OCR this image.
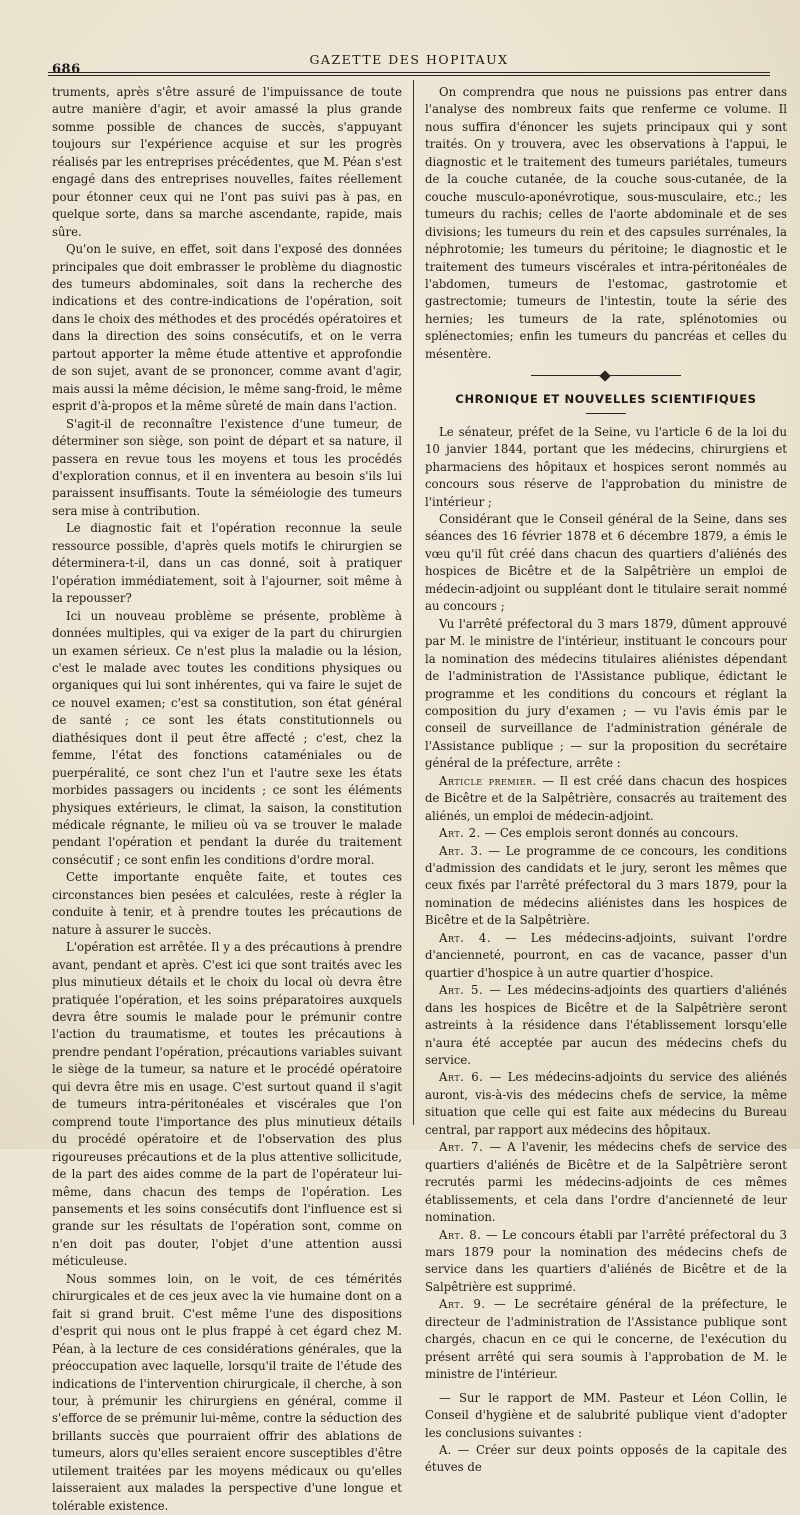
686
GAZETTE DES HOPITAUX

truments, après s'être assuré de l'impuissance de toute autre manière d'agir, et avoir amassé la plus grande somme possible de chances de succès, s'appuyant toujours sur l'expérience acquise et sur les progrès réalisés par les entreprises précédentes, que M. Péan s'est engagé dans des entreprises nouvelles, faites réellement pour étonner ceux qui ne l'ont pas suivi pas à pas, en quelque sorte, dans sa marche ascendante, rapide, mais sûre.

Qu'on le suive, en effet, soit dans l'exposé des données principales que doit embrasser le problème du diagnostic des tumeurs abdominales, soit dans la recherche des indications et des contre-indications de l'opération, soit dans le choix des méthodes et des procédés opératoires et dans la direction des soins consécutifs, et on le verra partout apporter la même étude attentive et approfondie de son sujet, avant de se prononcer, comme avant d'agir, mais aussi la même décision, le même sang-froid, le même esprit d'à-propos et la même sûreté de main dans l'action.

S'agit-il de reconnaître l'existence d'une tumeur, de déterminer son siège, son point de départ et sa nature, il passera en revue tous les moyens et tous les procédés d'exploration connus, et il en inventera au besoin s'ils lui paraissent insuffisants. Toute la séméiologie des tumeurs sera mise à contribution.

Le diagnostic fait et l'opération reconnue la seule ressource possible, d'après quels motifs le chirurgien se déterminera-t-il, dans un cas donné, soit à pratiquer l'opération immédiatement, soit à l'ajourner, soit même à la repousser?

Ici un nouveau problème se présente, problème à données multiples, qui va exiger de la part du chirurgien un examen sérieux. Ce n'est plus la maladie ou la lésion, c'est le malade avec toutes les conditions physiques ou organiques qui lui sont inhérentes, qui va faire le sujet de ce nouvel examen; c'est sa constitution, son état général de santé ; ce sont les états constitutionnels ou diathésiques dont il peut être affecté ; c'est, chez la femme, l'état des fonctions cataméniales ou de puerpéralité, ce sont chez l'un et l'autre sexe les états morbides passagers ou incidents ; ce sont les éléments physiques extérieurs, le climat, la saison, la constitution médicale régnante, le milieu où va se trouver le malade pendant l'opération et pendant la durée du traitement consécutif ; ce sont enfin les conditions d'ordre moral.

Cette importante enquête faite, et toutes ces circonstances bien pesées et calculées, reste à régler la conduite à tenir, et à prendre toutes les précautions de nature à assurer le succès.

L'opération est arrêtée. Il y a des précautions à prendre avant, pendant et après. C'est ici que sont traités avec les plus minutieux détails et le choix du local où devra être pratiquée l'opération, et les soins préparatoires auxquels devra être soumis le malade pour le prémunir contre l'action du traumatisme, et toutes les précautions à prendre pendant l'opération, précautions variables suivant le siège de la tumeur, sa nature et le procédé opératoire qui devra être mis en usage. C'est surtout quand il s'agit de tumeurs intra-péritonéales et viscérales que l'on comprend toute l'importance des plus minutieux détails du procédé opératoire et de l'observation des plus rigoureuses précautions et de la plus attentive sollicitude, de la part des aides comme de la part de l'opérateur lui-même, dans chacun des temps de l'opération. Les pansements et les soins consécutifs dont l'influence est si grande sur les résultats de l'opération sont, comme on n'en doit pas douter, l'objet d'une attention aussi méticuleuse.

Nous sommes loin, on le voit, de ces témérités chirurgicales et de ces jeux avec la vie humaine dont on a fait si grand bruit. C'est même l'une des dispositions d'esprit qui nous ont le plus frappé à cet égard chez M. Péan, à la lecture de ces considérations générales, que la préoccupation avec laquelle, lorsqu'il traite de l'étude des indications de l'intervention chirurgicale, il cherche, à son tour, à prémunir les chirurgiens en général, comme il s'efforce de se prémunir lui-même, contre la séduction des brillants succès que pourraient offrir des ablations de tumeurs, alors qu'elles seraient encore susceptibles d'être utilement traitées par les moyens médicaux ou qu'elles laisseraient aux malades la perspective d'une longue et tolérable existence.

On comprendra que nous ne puissions pas entrer dans l'analyse des nombreux faits que renferme ce volume. Il nous suffira d'énoncer les sujets principaux qui y sont traités. On y trouvera, avec les observations à l'appui, le diagnostic et le traitement des tumeurs pariétales, tumeurs de la couche cutanée, de la couche sous-cutanée, de la couche musculo-aponévrotique, sous-musculaire, etc.; les tumeurs du rachis; celles de l'aorte abdominale et de ses divisions; les tumeurs du rein et des capsules surrénales, la néphrotomie; les tumeurs du péritoine; le diagnostic et le traitement des tumeurs viscérales et intra-péritonéales de l'abdomen, tumeurs de l'estomac, gastrotomie et gastrectomie; tumeurs de l'intestin, toute la série des hernies; les tumeurs de la rate, splénotomies ou splénectomies; enfin les tumeurs du pancréas et celles du mésentère.

CHRONIQUE ET NOUVELLES SCIENTIFIQUES

Le sénateur, préfet de la Seine, vu l'article 6 de la loi du 10 janvier 1844, portant que les médecins, chirurgiens et pharmaciens des hôpitaux et hospices seront nommés au concours sous réserve de l'approbation du ministre de l'intérieur ;

Considérant que le Conseil général de la Seine, dans ses séances des 16 février 1878 et 6 décembre 1879, a émis le vœu qu'il fût créé dans chacun des quartiers d'aliénés des hospices de Bicêtre et de la Salpêtrière un emploi de médecin-adjoint ou suppléant dont le titulaire serait nommé au concours ;

Vu l'arrêté préfectoral du 3 mars 1879, dûment approuvé par M. le ministre de l'intérieur, instituant le concours pour la nomination des médecins titulaires aliénistes dépendant de l'administration de l'Assistance publique, édictant le programme et les conditions du concours et réglant la composition du jury d'examen ; — vu l'avis émis par le conseil de surveillance de l'administration générale de l'Assistance publique ; — sur la proposition du secrétaire général de la préfecture, arrête :

Article premier. — Il est créé dans chacun des hospices de Bicêtre et de la Salpêtrière, consacrés au traitement des aliénés, un emploi de médecin-adjoint.

Art. 2. — Ces emplois seront donnés au concours.

Art. 3. — Le programme de ce concours, les conditions d'admission des candidats et le jury, seront les mêmes que ceux fixés par l'arrêté préfectoral du 3 mars 1879, pour la nomination de médecins aliénistes dans les hospices de Bicêtre et de la Salpêtrière.

Art. 4. — Les médecins-adjoints, suivant l'ordre d'ancienneté, pourront, en cas de vacance, passer d'un quartier d'hospice à un autre quartier d'hospice.

Art. 5. — Les médecins-adjoints des quartiers d'aliénés dans les hospices de Bicêtre et de la Salpêtrière seront astreints à la résidence dans l'établissement lorsqu'elle n'aura été acceptée par aucun des médecins chefs du service.

Art. 6. — Les médecins-adjoints du service des aliénés auront, vis-à-vis des médecins chefs de service, la même situation que celle qui est faite aux médecins du Bureau central, par rapport aux médecins des hôpitaux.

Art. 7. — A l'avenir, les médecins chefs de service des quartiers d'aliénés de Bicêtre et de la Salpêtrière seront recrutés parmi les médecins-adjoints de ces mêmes établissements, et cela dans l'ordre d'ancienneté de leur nomination.

Art. 8. — Le concours établi par l'arrêté préfectoral du 3 mars 1879 pour la nomination des médecins chefs de service dans les quartiers d'aliénés de Bicêtre et de la Salpêtrière est supprimé.

Art. 9. — Le secrétaire général de la préfecture, le directeur de l'administration de l'Assistance publique sont chargés, chacun en ce qui le concerne, de l'exécution du présent arrêté qui sera soumis à l'approbation de M. le ministre de l'intérieur.

— Sur le rapport de MM. Pasteur et Léon Collin, le Conseil d'hygiène et de salubrité publique vient d'adopter les conclusions suivantes :

A. — Créer sur deux points opposés de la capitale des étuves de
